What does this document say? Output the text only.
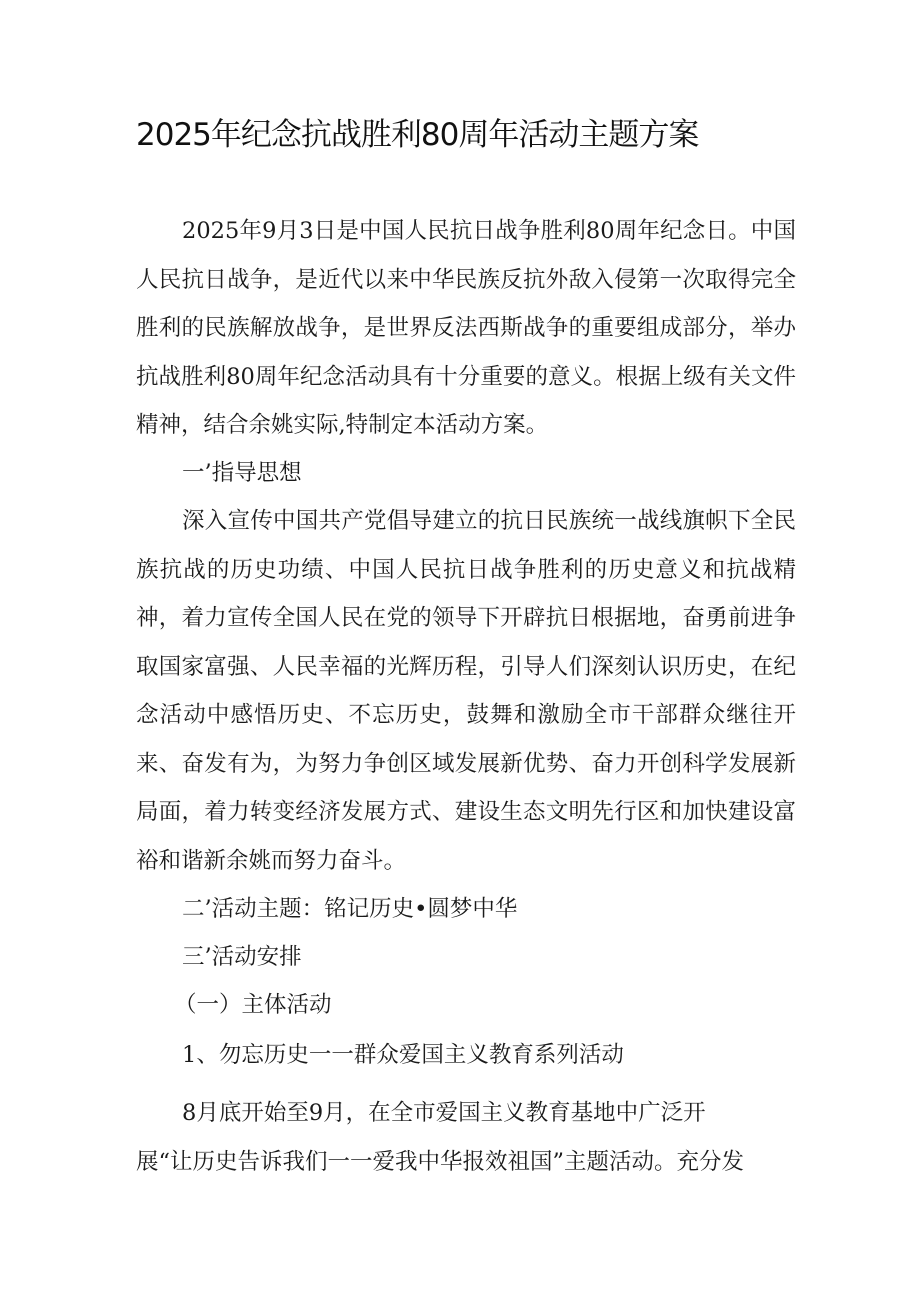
2025年纪念抗战胜利80周年活动主题方案

2025年9月3日是中国人民抗日战争胜利80周年纪念日。中国人民抗日战争，是近代以来中华民族反抗外敌入侵第一次取得完全胜利的民族解放战争，是世界反法西斯战争的重要组成部分，举办抗战胜利80周年纪念活动具有十分重要的意义。根据上级有关文件精神，结合余姚实际,特制定本活动方案。

一’指导思想

深入宣传中国共产党倡导建立的抗日民族统一战线旗帜下全民族抗战的历史功绩、中国人民抗日战争胜利的历史意义和抗战精神，着力宣传全国人民在党的领导下开辟抗日根据地，奋勇前进争取国家富强、人民幸福的光辉历程，引导人们深刻认识历史，在纪念活动中感悟历史、不忘历史，鼓舞和激励全市干部群众继往开来、奋发有为，为努力争创区域发展新优势、奋力开创科学发展新局面，着力转变经济发展方式、建设生态文明先行区和加快建设富裕和谐新余姚而努力奋斗。

二’活动主题：铭记历史•圆梦中华

三’活动安排

（一）主体活动

1、勿忘历史一一群众爱国主义教育系列活动

8月底开始至9月，在全市爱国主义教育基地中广泛开

展“让历史告诉我们一一爱我中华报效祖国”主题活动。充分发
